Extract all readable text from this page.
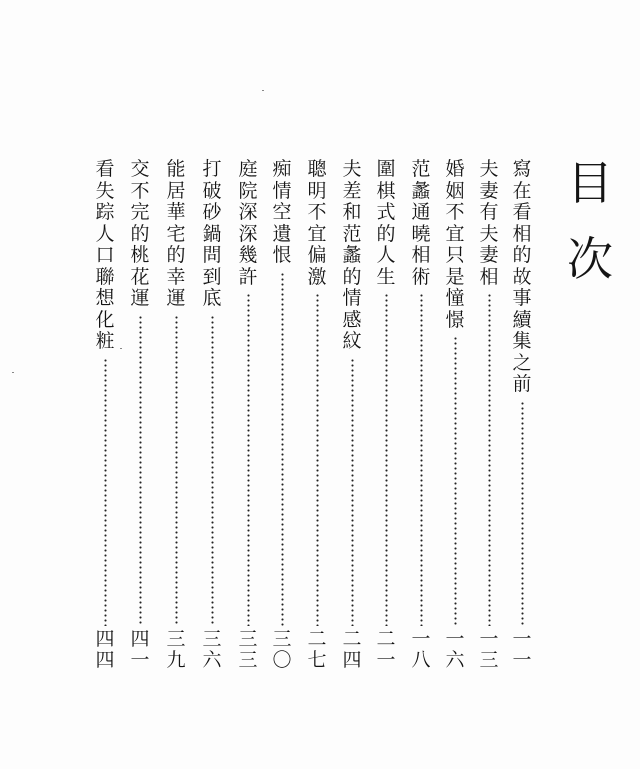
目
次
寫
在
看
相
的
故
事
續
集
之
前
一
一
夫
妻
有
夫
妻
相
一
三
婚
姻
不
宜
只
是
憧
憬
一
六
范
蠡
通
曉
相
術
一
八
圍
棋
式
的
人
生
二
一
夫
差
和
范
蠡
的
情
感
紋
二
四
聰
明
不
宜
偏
激
二
七
痴
情
空
遺
恨
三
〇
庭
院
深
深
幾
許
三
三
打
破
砂
鍋
問
到
底
三
六
能
居
華
宅
的
幸
運
三
九
交
不
完
的
桃
花
運
四
一
看
失
踪
人
口
聯
想
化
粧
四
四
